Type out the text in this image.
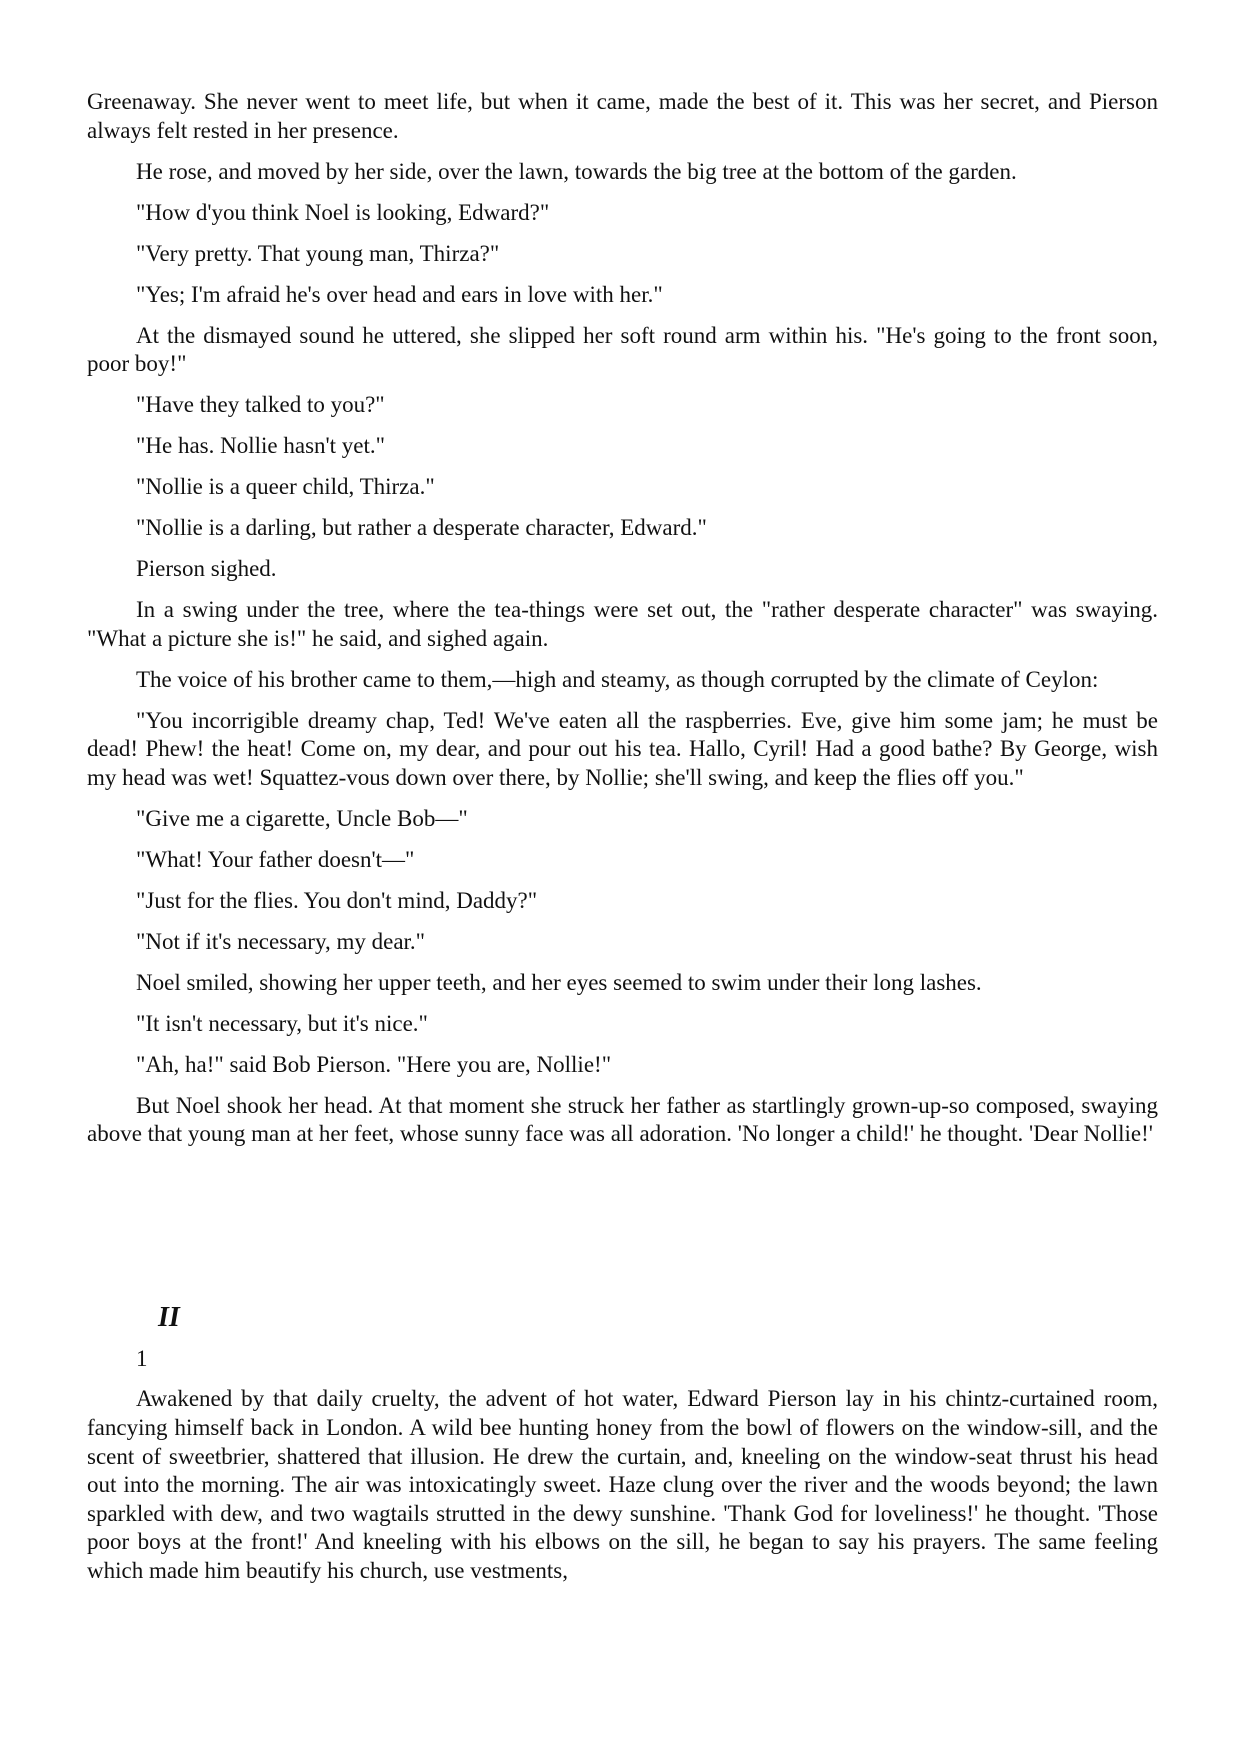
Greenaway. She never went to meet life, but when it came, made the best of it. This was her secret, and Pierson always felt rested in her presence.

He rose, and moved by her side, over the lawn, towards the big tree at the bottom of the garden.

"How d'you think Noel is looking, Edward?"

"Very pretty. That young man, Thirza?"

"Yes; I'm afraid he's over head and ears in love with her."

At the dismayed sound he uttered, she slipped her soft round arm within his. "He's going to the front soon, poor boy!"

"Have they talked to you?"

"He has. Nollie hasn't yet."

"Nollie is a queer child, Thirza."

"Nollie is a darling, but rather a desperate character, Edward."

Pierson sighed.

In a swing under the tree, where the tea-things were set out, the "rather desperate character" was swaying. "What a picture she is!" he said, and sighed again.

The voice of his brother came to them,—high and steamy, as though corrupted by the climate of Ceylon:

"You incorrigible dreamy chap, Ted! We've eaten all the raspberries. Eve, give him some jam; he must be dead! Phew! the heat! Come on, my dear, and pour out his tea. Hallo, Cyril! Had a good bathe? By George, wish my head was wet! Squattez-vous down over there, by Nollie; she'll swing, and keep the flies off you."

"Give me a cigarette, Uncle Bob—"

"What! Your father doesn't—"

"Just for the flies. You don't mind, Daddy?"

"Not if it's necessary, my dear."

Noel smiled, showing her upper teeth, and her eyes seemed to swim under their long lashes.

"It isn't necessary, but it's nice."

"Ah, ha!" said Bob Pierson. "Here you are, Nollie!"

But Noel shook her head. At that moment she struck her father as startlingly grown-up-so composed, swaying above that young man at her feet, whose sunny face was all adoration. 'No longer a child!' he thought. 'Dear Nollie!'

II
1

Awakened by that daily cruelty, the advent of hot water, Edward Pierson lay in his chintz-curtained room, fancying himself back in London. A wild bee hunting honey from the bowl of flowers on the window-sill, and the scent of sweetbrier, shattered that illusion. He drew the curtain, and, kneeling on the window-seat thrust his head out into the morning. The air was intoxicatingly sweet. Haze clung over the river and the woods beyond; the lawn sparkled with dew, and two wagtails strutted in the dewy sunshine. 'Thank God for loveliness!' he thought. 'Those poor boys at the front!' And kneeling with his elbows on the sill, he began to say his prayers. The same feeling which made him beautify his church, use vestments,
